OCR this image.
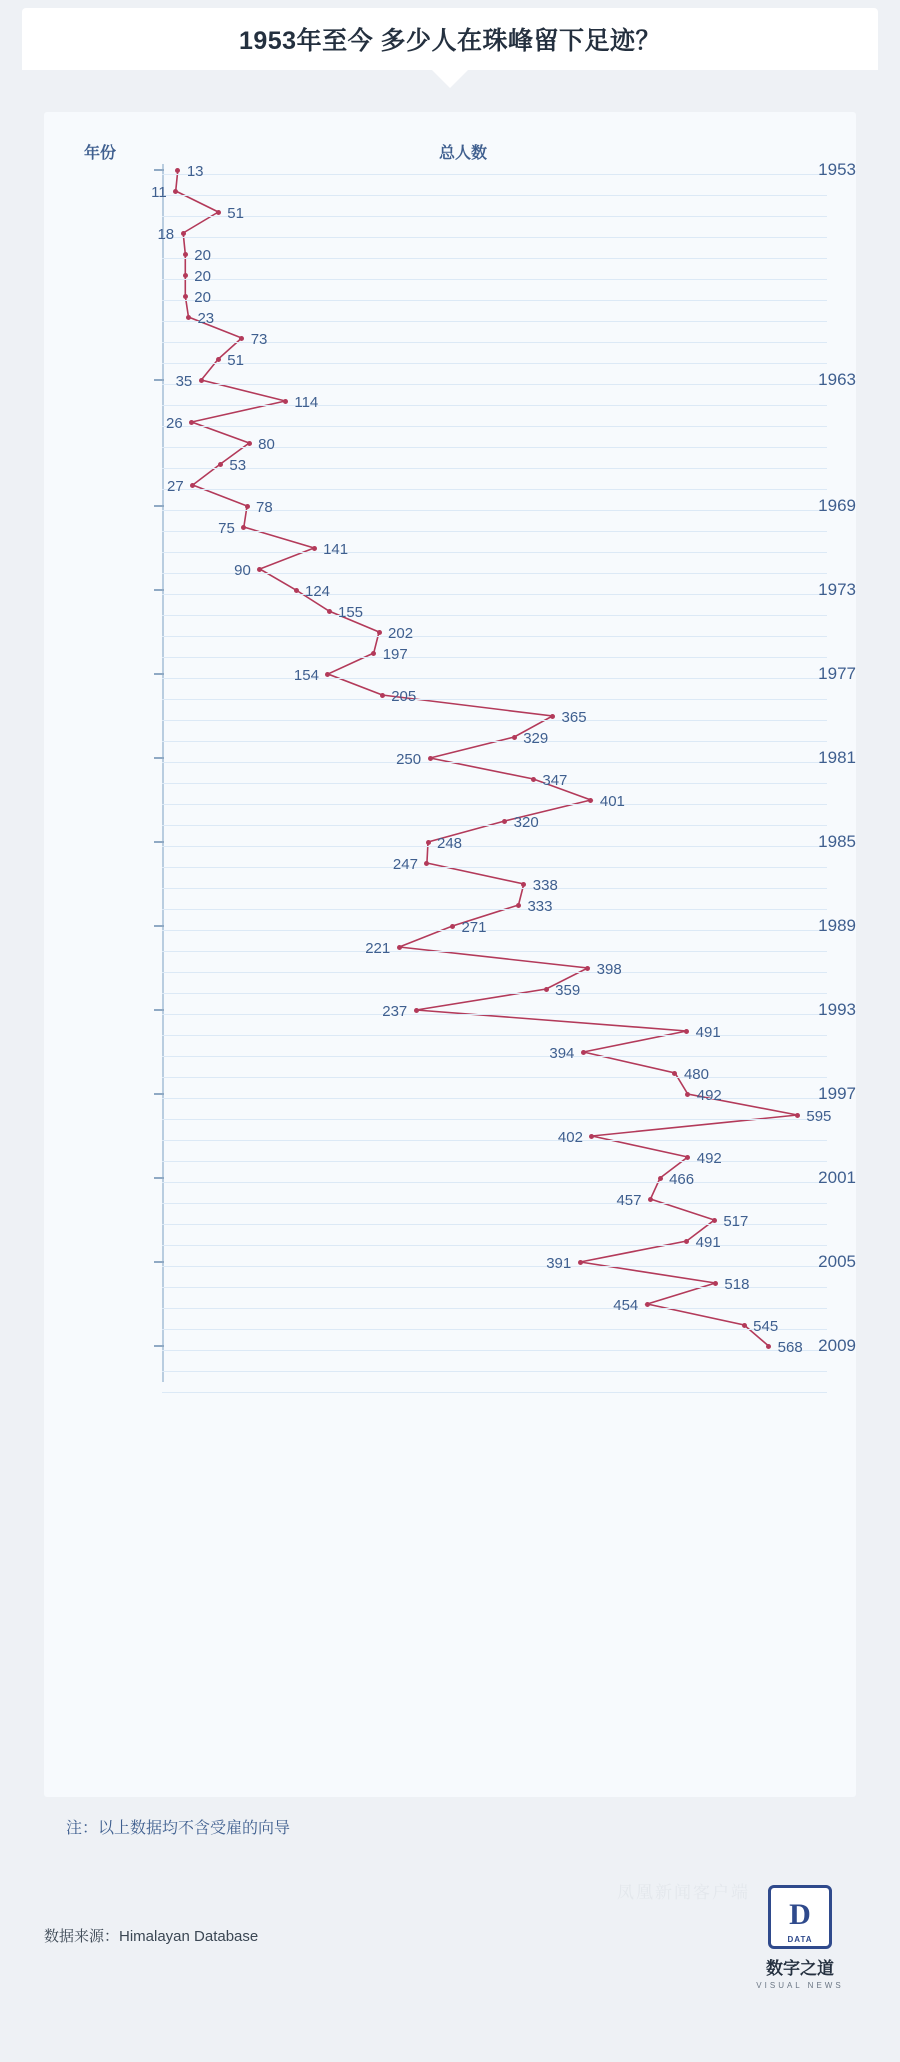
1953年至今 多少人在珠峰留下足迹？
年份	总人数
13	1953
11
51
18
20
20
20
23
73
51
35	1963
114
26
80
53
27
78	1969
75
141
90
124	1973
155
202
197
154	1977
205
365
329
250	1981
347
401
320
248	1985
247
338
333
271	1989
221
398
359
237	1993
491
394
480
492	1997
595
402
492
466	2001
457
517
491
391	2005
518
454
545
568 2009
注：以上数据均不含受雇的向导
数据来源：Himalayan Database
凤凰新闻客户端
D
DATA
数字之道
VISUAL NEWS
